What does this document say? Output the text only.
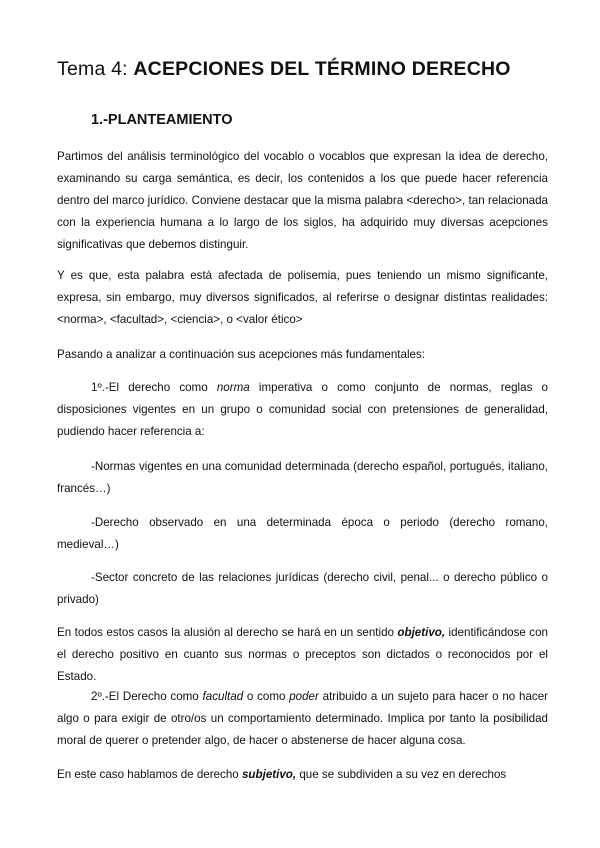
Tema 4: ACEPCIONES DEL TÉRMINO DERECHO
1.-PLANTEAMIENTO
Partimos del análisis terminológico del vocablo o vocablos que expresan la idea de derecho, examinando su carga semántica, es decir, los contenidos a los que puede hacer referencia dentro del marco jurídico. Conviene destacar que la misma palabra <derecho>, tan relacionada con la experiencia humana a lo largo de los siglos, ha adquirido muy diversas acepciones significativas que debemos distinguir.
Y es que, esta palabra está afectada de polisemia, pues teniendo un mismo significante, expresa, sin embargo, muy diversos significados, al referirse o designar distintas realidades: <norma>, <facultad>, <ciencia>, o <valor ético>
Pasando a analizar a continuación sus acepciones más fundamentales:
1º.-El derecho como norma imperativa o como conjunto de normas, reglas o disposiciones vigentes en un grupo o comunidad social con pretensiones de generalidad, pudiendo hacer referencia a:
-Normas vigentes en una comunidad determinada (derecho español, portugués, italiano, francés…)
-Derecho observado en una determinada época o periodo (derecho romano, medieval…)
-Sector concreto de las relaciones jurídicas (derecho civil, penal... o derecho público o privado)
En todos estos casos la alusión al derecho se hará en un sentido objetivo, identificándose con el derecho positivo en cuanto sus normas o preceptos son dictados o reconocidos por el Estado.
2º.-El Derecho como facultad o como poder atribuido a un sujeto para hacer o no hacer algo o para exigir de otro/os un comportamiento determinado. Implica por tanto la posibilidad moral de querer o pretender algo, de hacer o abstenerse de hacer alguna cosa.
En este caso hablamos de derecho subjetivo, que se subdividen a su vez en derechos
